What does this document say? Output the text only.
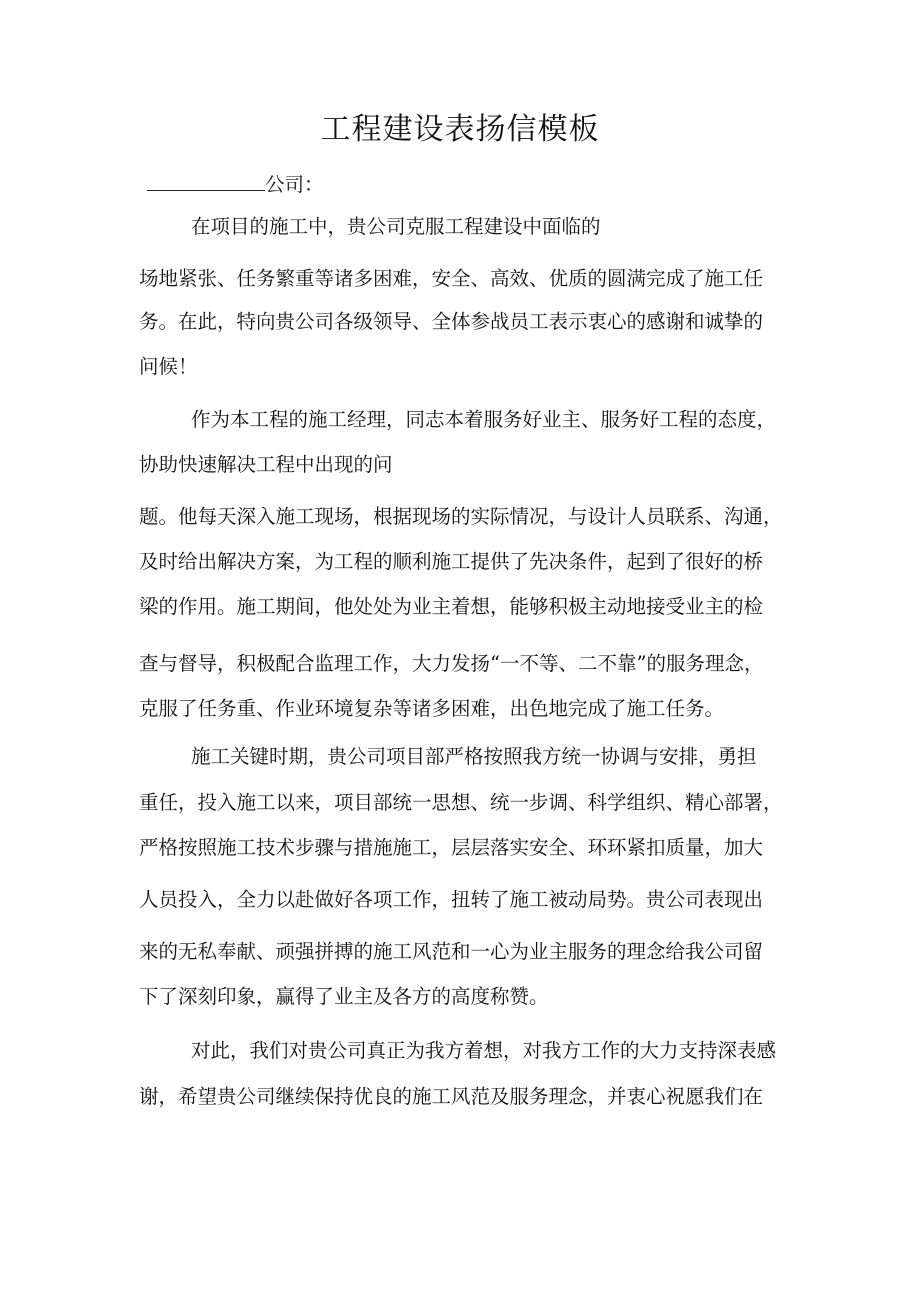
工程建设表扬信模板
公司：
在项目的施工中，贵公司克服工程建设中面临的
场地紧张、任务繁重等诸多困难，安全、高效、优质的圆满完成了施工任
务。在此，特向贵公司各级领导、全体参战员工表示衷心的感谢和诚挚的
问候！
作为本工程的施工经理，同志本着服务好业主、服务好工程的态度，
协助快速解决工程中出现的问
题。他每天深入施工现场，根据现场的实际情况，与设计人员联系、沟通，
及时给出解决方案，为工程的顺利施工提供了先决条件，起到了很好的桥
梁的作用。施工期间，他处处为业主着想，能够积极主动地接受业主的检
查与督导，积极配合监理工作，大力发扬“一不等、二不靠”的服务理念，
克服了任务重、作业环境复杂等诸多困难，出色地完成了施工任务。
施工关键时期，贵公司项目部严格按照我方统一协调与安排，勇担
重任，投入施工以来，项目部统一思想、统一步调、科学组织、精心部署，
严格按照施工技术步骤与措施施工，层层落实安全、环环紧扣质量，加大
人员投入，全力以赴做好各项工作，扭转了施工被动局势。贵公司表现出
来的无私奉献、顽强拼搏的施工风范和一心为业主服务的理念给我公司留
下了深刻印象，赢得了业主及各方的高度称赞。
对此，我们对贵公司真正为我方着想，对我方工作的大力支持深表感
谢，希望贵公司继续保持优良的施工风范及服务理念，并衷心祝愿我们在
